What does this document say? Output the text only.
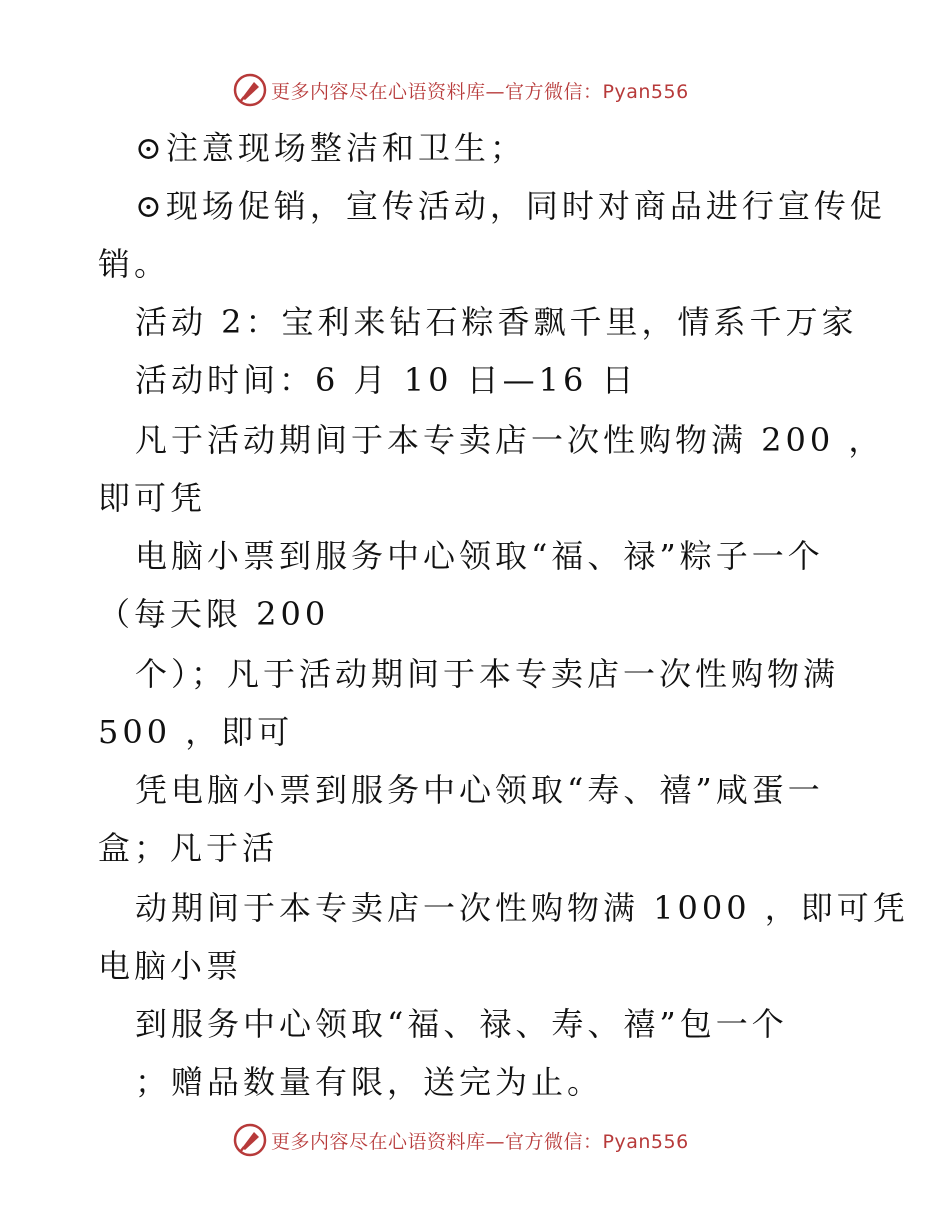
更多内容尽在心语资料库—官方微信：Pyan556
⊙注意现场整洁和卫生；
⊙现场促销，宣传活动，同时对商品进行宣传促
销。
活动 2：宝利来钻石粽香飘千里，情系千万家
活动时间：6 月 10 日—16 日
凡于活动期间于本专卖店一次性购物满 200 ，
即可凭
电脑小票到服务中心领取“福、禄”粽子一个
（每天限 200
个）；凡于活动期间于本专卖店一次性购物满
500 ，即可
凭电脑小票到服务中心领取“寿、禧”咸蛋一
盒；凡于活
动期间于本专卖店一次性购物满 1000 ，即可凭
电脑小票
到服务中心领取“福、禄、寿、禧”包一个
；赠品数量有限，送完为止。
更多内容尽在心语资料库—官方微信：Pyan556
